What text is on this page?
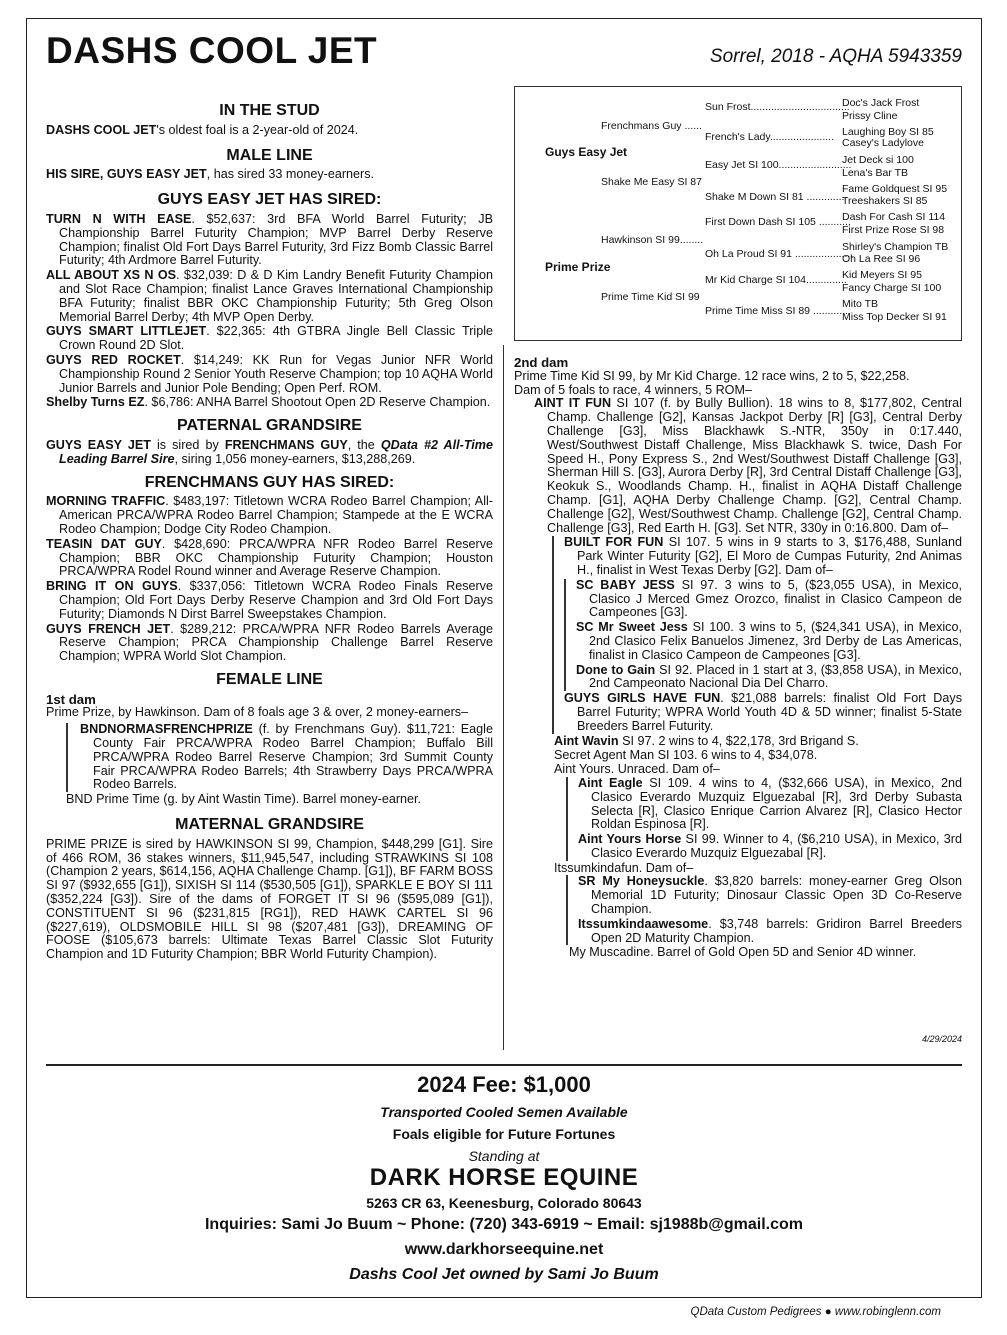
DASHS COOL JET	Sorrel, 2018 - AQHA 5943359
Sun Frost..................................
Doc's Jack Frost
Prissy Cline
Frenchmans Guy ......	Laughing Boy SI 85
French's Lady...................... Casey's Ladylove
Guys Easy Jet
Jet Deck si 100
Easy Jet SI 100.........................
Lena's Bar TB
Shake Me Easy SI 87
Fame Goldquest SI 95
Shake M Down SI 81 .............
Treeshakers SI 85
Dash For Cash SI 114
First Down Dash SI 105 ...........
First Prize Rose SI 98
Hawkinson SI 99........
Shirley's Champion TB
Oh La Proud SI 91 ....................
Oh La Ree SI 96
Prime Prize
Kid Meyers SI 95
Mr Kid Charge SI 104..............
Fancy Charge SI 100
Prime Time Kid SI 99
Mito TB
Prime Time Miss SI 89 ............
Miss Top Decker SI 91
IN THE STUD

DASHS COOL JET's oldest foal is a 2-year-old of 2024.

MALE LINE

HIS SIRE, GUYS EASY JET, has sired 33 money-earners.

GUYS EASY JET HAS SIRED:

TURN N WITH EASE. $52,637: 3rd BFA World Barrel Futurity; JB Championship Barrel Futurity Champion; MVP Barrel Derby Reserve Champion; finalist Old Fort Days Barrel Futurity, 3rd Fizz Bomb Classic Barrel Futurity; 4th Ardmore Barrel Futurity.

ALL ABOUT XS N OS. $32,039: D & D Kim Landry Benefit Futurity Champion and Slot Race Champion; finalist Lance Graves International Championship BFA Futurity; finalist BBR OKC Championship Futurity; 5th Greg Olson Memorial Barrel Derby; 4th MVP Open Derby.

GUYS SMART LITTLEJET. $22,365: 4th GTBRA Jingle Bell Classic Triple Crown Round 2D Slot.

GUYS RED ROCKET. $14,249: KK Run for Vegas Junior NFR World Championship Round 2 Senior Youth Reserve Champion; top 10 AQHA World Junior Barrels and Junior Pole Bending; Open Perf. ROM.

Shelby Turns EZ. $6,786: ANHA Barrel Shootout Open 2D Reserve Champion.

PATERNAL GRANDSIRE

GUYS EASY JET is sired by FRENCHMANS GUY, the QData #2 All-Time Leading Barrel Sire, siring 1,056 money-earners, $13,288,269.

FRENCHMANS GUY HAS SIRED:

MORNING TRAFFIC. $483,197: Titletown WCRA Rodeo Barrel Champion; All-American PRCA/WPRA Rodeo Barrel Champion; Stampede at the E WCRA Rodeo Champion; Dodge City Rodeo Champion.

TEASIN DAT GUY. $428,690: PRCA/WPRA NFR Rodeo Barrel Reserve Champion; BBR OKC Championship Futurity Champion; Houston PRCA/WPRA Rodel Round winner and Average Reserve Champion.

BRING IT ON GUYS. $337,056: Titletown WCRA Rodeo Finals Reserve Champion; Old Fort Days Derby Reserve Champion and 3rd Old Fort Days Futurity; Diamonds N Dirst Barrel Sweepstakes Champion.

GUYS FRENCH JET. $289,212: PRCA/WPRA NFR Rodeo Barrels Average Reserve Champion; PRCA Championship Challenge Barrel Reserve Champion; WPRA World Slot Champion.

FEMALE LINE
1st dam

Prime Prize, by Hawkinson. Dam of 8 foals age 3 & over, 2 money-earners–

BNDNORMASFRENCHPRIZE (f. by Frenchmans Guy). $11,721: Eagle County Fair PRCA/WPRA Rodeo Barrel Champion; Buffalo Bill PRCA/WPRA Rodeo Barrel Reserve Champion; 3rd Summit County Fair PRCA/WPRA Rodeo Barrels; 4th Strawberry Days PRCA/WPRA Rodeo Barrels.

BND Prime Time (g. by Aint Wastin Time). Barrel money-earner.

MATERNAL GRANDSIRE

PRIME PRIZE is sired by HAWKINSON SI 99, Champion, $448,299 [G1]. Sire of 466 ROM, 36 stakes winners, $11,945,547, including STRAWKINS SI 108 (Champion 2 years, $614,156, AQHA Challenge Champ. [G1]), BF FARM BOSS SI 97 ($932,655 [G1]), SIXISH SI 114 ($530,505 [G1]), SPARKLE E BOY SI 111 ($352,224 [G3]). Sire of the dams of FORGET IT SI 96 ($595,089 [G1]), CONSTITUENT SI 96 ($231,815 [RG1]), RED HAWK CARTEL SI 96 ($227,619), OLDSMOBILE HILL SI 98 ($207,481 [G3]), DREAMING OF FOOSE ($105,673 barrels: Ultimate Texas Barrel Classic Slot Futurity Champion and 1D Futurity Champion; BBR World Futurity Champion).

2nd dam

Prime Time Kid SI 99, by Mr Kid Charge. 12 race wins, 2 to 5, $22,258.

Dam of 5 foals to race, 4 winners, 5 ROM–

AINT IT FUN SI 107 (f. by Bully Bullion). 18 wins to 8, $177,802, Central Champ. Challenge [G2], Kansas Jackpot Derby [R] [G3], Central Derby Challenge [G3], Miss Blackhawk S.-NTR, 350y in 0:17.440, West/Southwest Distaff Challenge, Miss Blackhawk S. twice, Dash For Speed H., Pony Express S., 2nd West/Southwest Distaff Challenge [G3], Sherman Hill S. [G3], Aurora Derby [R], 3rd Central Distaff Challenge [G3], Keokuk S., Woodlands Champ. H., finalist in AQHA Distaff Challenge Champ. [G1], AQHA Derby Challenge Champ. [G2], Central Champ. Challenge [G2], West/Southwest Champ. Challenge [G2], Central Champ. Challenge [G3], Red Earth H. [G3]. Set NTR, 330y in 0:16.800. Dam of–

BUILT FOR FUN SI 107. 5 wins in 9 starts to 3, $176,488, Sunland Park Winter Futurity [G2], El Moro de Cumpas Futurity, 2nd Animas H., finalist in West Texas Derby [G2]. Dam of–

SC BABY JESS SI 97. 3 wins to 5, ($23,055 USA), in Mexico, Clasico J Merced Gmez Orozco, finalist in Clasico Campeon de Campeones [G3].

SC Mr Sweet Jess SI 100. 3 wins to 5, ($24,341 USA), in Mexico, 2nd Clasico Felix Banuelos Jimenez, 3rd Derby de Las Americas, finalist in Clasico Campeon de Campeones [G3].

Done to Gain SI 92. Placed in 1 start at 3, ($3,858 USA), in Mexico, 2nd Campeonato Nacional Dia Del Charro.

GUYS GIRLS HAVE FUN. $21,088 barrels: finalist Old Fort Days Barrel Futurity; WPRA World Youth 4D & 5D winner; finalist 5-State Breeders Barrel Futurity.

Aint Wavin SI 97. 2 wins to 4, $22,178, 3rd Brigand S.

Secret Agent Man SI 103. 6 wins to 4, $34,078.

Aint Yours. Unraced. Dam of–

Aint Eagle SI 109. 4 wins to 4, ($32,666 USA), in Mexico, 2nd Clasico Everardo Muzquiz Elguezabal [R], 3rd Derby Subasta Selecta [R], Clasico Enrique Carrion Alvarez [R], Clasico Hector Roldan Espinosa [R].

Aint Yours Horse SI 99. Winner to 4, ($6,210 USA), in Mexico, 3rd Clasico Everardo Muzquiz Elguezabal [R].

Itssumkindafun. Dam of–

SR My Honeysuckle. $3,820 barrels: money-earner Greg Olson Memorial 1D Futurity; Dinosaur Classic Open 3D Co-Reserve Champion.

Itssumkindaawesome. $3,748 barrels: Gridiron Barrel Breeders Open 2D Maturity Champion.

My Muscadine. Barrel of Gold Open 5D and Senior 4D winner.

4/29/2024
2024 Fee: $1,000
Transported Cooled Semen Available
Foals eligible for Future Fortunes
Standing at
DARK HORSE EQUINE
5263 CR 63, Keenesburg, Colorado 80643
Inquiries: Sami Jo Buum ~ Phone: (720) 343-6919 ~ Email: sj1988b@gmail.com
www.darkhorseequine.net
Dashs Cool Jet owned by Sami Jo Buum
QData Custom Pedigrees ● www.robinglenn.com
